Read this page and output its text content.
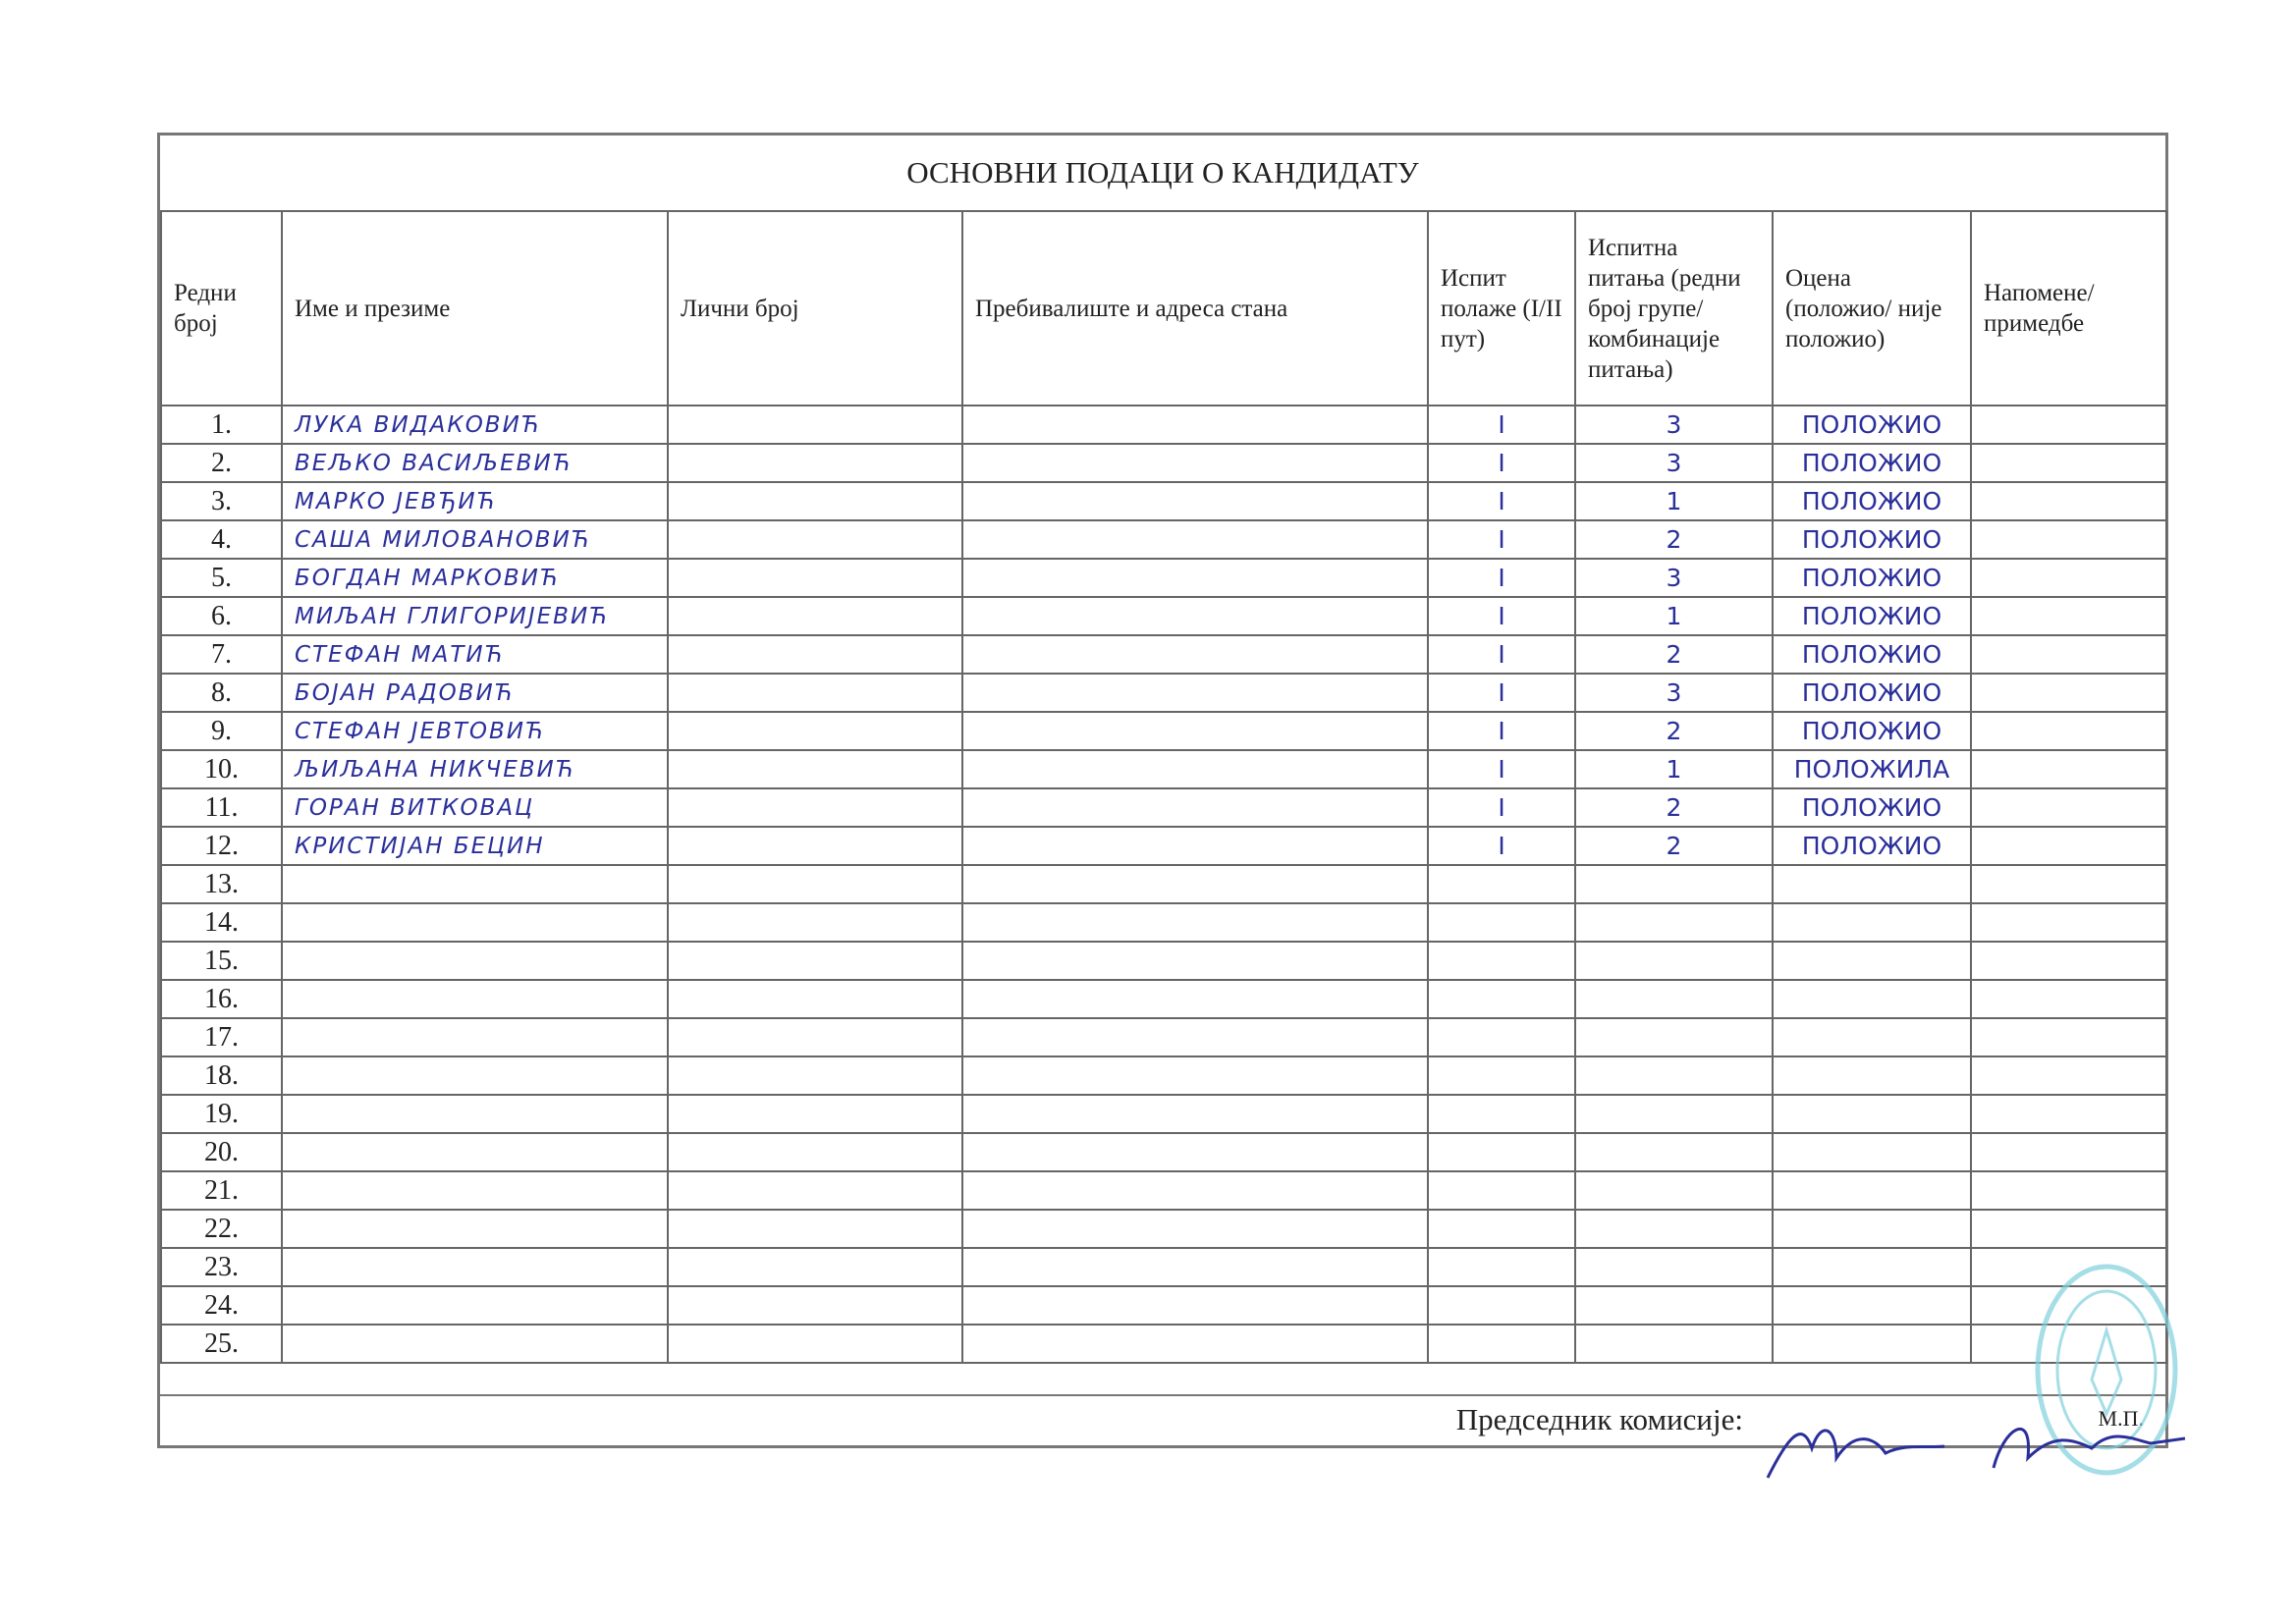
ОСНОВНИ ПОДАЦИ О КАНДИДАТУ
Редни број	Име и презиме	Лични број	Пребивалиште и адреса стана	Испит полаже (I/II пут)	Испитна питања (редни број групе/ комбинације питања)	Оцена (положио/ није положио)	Напомене/ примедбе
1.	ЛУКА ВИДАКОВИЋ			I	3	ПОЛОЖИО	
2.	ВЕЉКО ВАСИЉЕВИЋ			I	3	ПОЛОЖИО	
3.	МАРКО ЈЕВЂИЋ			I	1	ПОЛОЖИО	
4.	САША МИЛОВАНОВИЋ			I	2	ПОЛОЖИО	
5.	БОГДАН МАРКОВИЋ			I	3	ПОЛОЖИО	
6.	МИЉАН ГЛИГОРИЈЕВИЋ			I	1	ПОЛОЖИО	
7.	СТЕФАН МАТИЋ			I	2	ПОЛОЖИО	
8.	БОЈАН РАДОВИЋ			I	3	ПОЛОЖИО	
9.	СТЕФАН ЈЕВТОВИЋ			I	2	ПОЛОЖИО	
10.	ЉИЉАНА НИКЧЕВИЋ			I	1	ПОЛОЖИЛА	
11.	ГОРАН ВИТКОВАЦ			I	2	ПОЛОЖИО	
12.	КРИСТИЈАН БЕЦИН			I	2	ПОЛОЖИО	
13.							
14.							
15.							
16.							
17.							
18.							
19.							
20.							
21.							
22.							
23.							
24.							
25.							
Председник комисије:	М.П.
